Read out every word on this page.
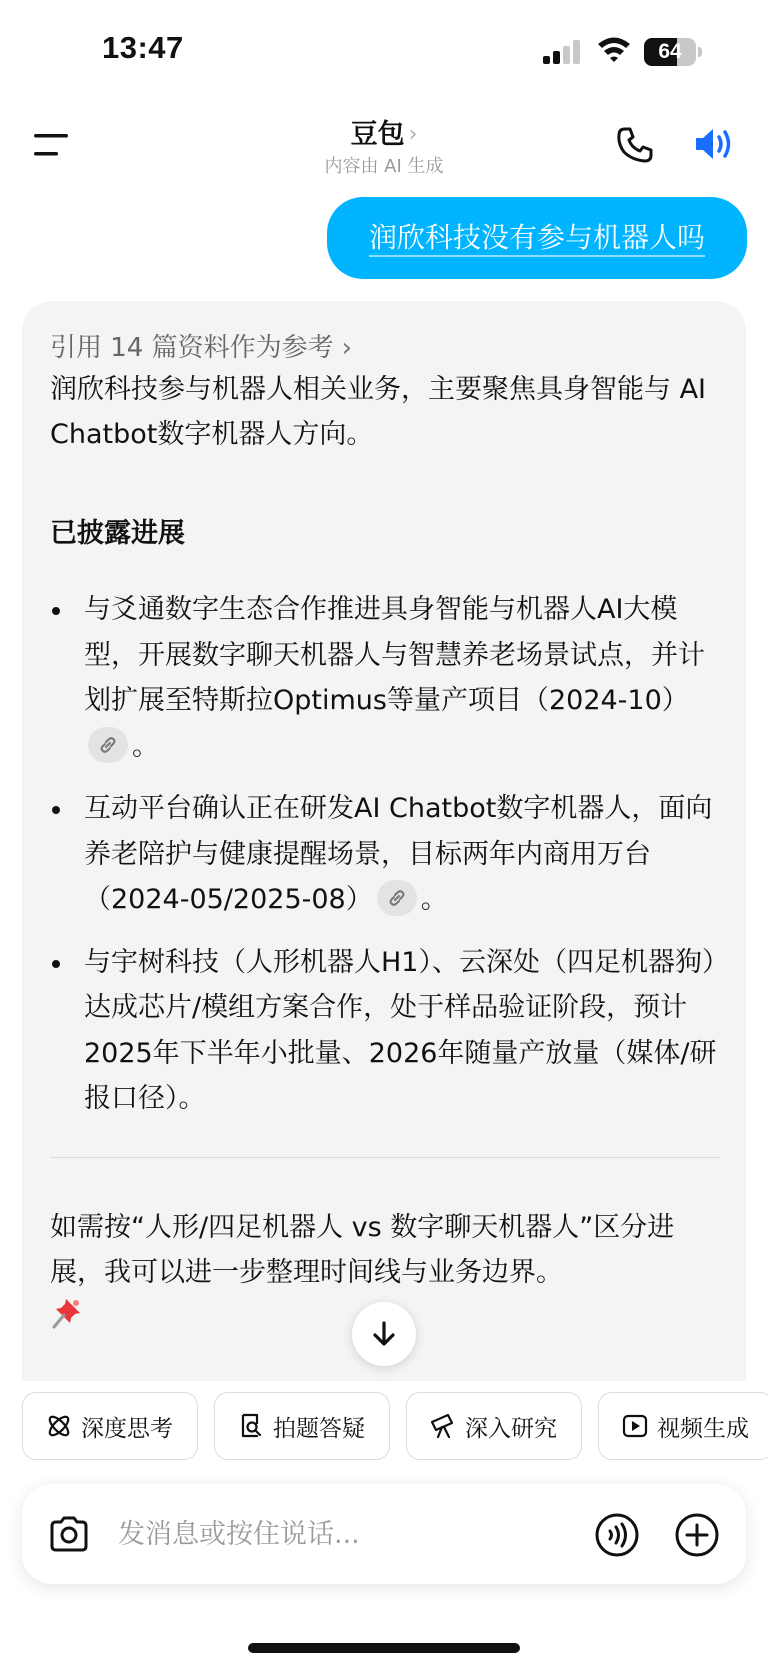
13:47	64
豆包 ›
内容由 AI 生成
润欣科技没有参与机器人吗
引用 14 篇资料作为参考 ›
润欣科技参与机器人相关业务，主要聚焦具身智能与 AI Chatbot数字机器人方向。
已披露进展
与爻通数字生态合作推进具身智能与机器人AI大模型，开展数字聊天机器人与智慧养老场景试点，并计划扩展至特斯拉Optimus等量产项目（2024-10）
。
互动平台确认正在研发AI Chatbot数字机器人，面向养老陪护与健康提醒场景，目标两年内商用万台（2024-05/2025-08） 。
与宇树科技（人形机器人H1）、云深处（四足机器狗）达成芯片/模组方案合作，处于样品验证阶段，预计2025年下半年小批量、2026年随量产放量（媒体/研报口径）。
如需按“人形/四足机器人 vs 数字聊天机器人”区分进展，我可以进一步整理时间线与业务边界。
深度思考	拍题答疑	深入研究	视频生成
发消息或按住说话...
